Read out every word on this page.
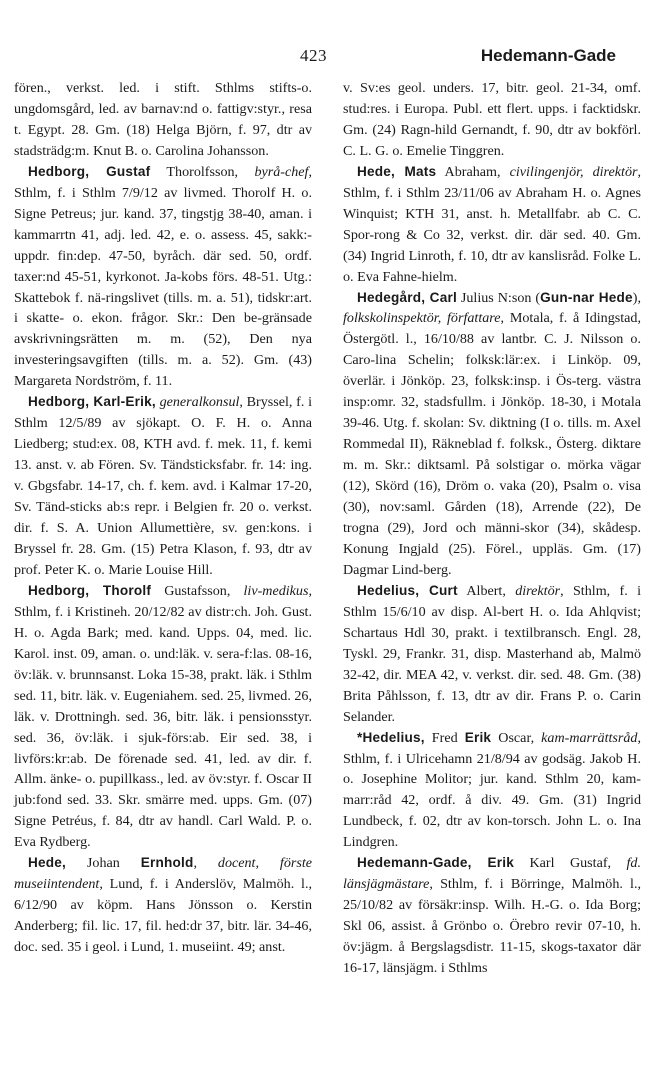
423	Hedemann-Gade

fören., verkst. led. i stift. Sthlms stifts-o. ungdomsgård, led. av barnav:nd o. fattigv:styr., resa t. Egypt. 28. Gm. (18) Helga Björn, f. 97, dtr av stadsträdg:m. Knut B. o. Carolina Johansson.

Hedborg, Gustaf Thorolfsson, byrå-chef, Sthlm, f. i Sthlm 7/9/12 av livmed. Thorolf H. o. Signe Petreus; jur. kand. 37, tingstjg 38-40, aman. i kammarrtn 41, adj. led. 42, e. o. assess. 45, sakk:-uppdr. fin:dep. 47-50, byråch. där sed. 50, ordf. taxer:nd 45-51, kyrkonot. Ja-kobs förs. 48-51. Utg.: Skattebok f. nä-ringslivet (tills. m. a. 51), tidskr:art. i skatte- o. ekon. frågor. Skr.: Den be-gränsade avskrivningsrätten m. m. (52), Den nya investeringsavgiften (tills. m. a. 52). Gm. (43) Margareta Nordström, f. 11.

Hedborg, Karl-Erik, generalkonsul, Bryssel, f. i Sthlm 12/5/89 av sjökapt. O. F. H. o. Anna Liedberg; stud:ex. 08, KTH avd. f. mek. 11, f. kemi 13. anst. v. ab Fören. Sv. Tändsticksfabr. fr. 14: ing. v. Gbgsfabr. 14-17, ch. f. kem. avd. i Kalmar 17-20, Sv. Tänd-sticks ab:s repr. i Belgien fr. 20 o. verkst. dir. f. S. A. Union Allumettière, sv. gen:kons. i Bryssel fr. 28. Gm. (15) Petra Klason, f. 93, dtr av prof. Peter K. o. Marie Louise Hill.

Hedborg, Thorolf Gustafsson, liv-medikus, Sthlm, f. i Kristineh. 20/12/82 av distr:ch. Joh. Gust. H. o. Agda Bark; med. kand. Upps. 04, med. lic. Karol. inst. 09, aman. o. und:läk. v. sera-f:las. 08-16, öv:läk. v. brunnsanst. Loka 15-38, prakt. läk. i Sthlm sed. 11, bitr. läk. v. Eugeniahem. sed. 25, livmed. 26, läk. v. Drottningh. sed. 36, bitr. läk. i pensionsstyr. sed. 36, öv:läk. i sjuk-förs:ab. Eir sed. 38, i livförs:kr:ab. De förenade sed. 41, led. av dir. f. Allm. änke- o. pupillkass., led. av öv:styr. f. Oscar II jub:fond sed. 33. Skr. smärre med. upps. Gm. (07) Signe Petréus, f. 84, dtr av handl. Carl Wald. P. o. Eva Rydberg.

Hede, Johan Ernhold, docent, förste museiintendent, Lund, f. i Anderslöv, Malmöh. l., 6/12/90 av köpm. Hans Jönsson o. Kerstin Anderberg; fil. lic. 17, fil. hed:dr 37, bitr. lär. 34-46, doc. sed. 35 i geol. i Lund, 1. museiint. 49; anst.

v. Sv:es geol. unders. 17, bitr. geol. 21-34, omf. stud:res. i Europa. Publ. ett flert. upps. i facktidskr. Gm. (24) Ragn-hild Gernandt, f. 90, dtr av bokförl. C. L. G. o. Emelie Tinggren.

Hede, Mats Abraham, civilingenjör, direktör, Sthlm, f. i Sthlm 23/11/06 av Abraham H. o. Agnes Winquist; KTH 31, anst. h. Metallfabr. ab C. C. Spor-rong & Co 32, verkst. dir. där sed. 40. Gm. (34) Ingrid Linroth, f. 10, dtr av kanslisråd. Folke L. o. Eva Fahne-hielm.

Hedegård, Carl Julius N:son (Gun-nar Hede), folkskolinspektör, författare, Motala, f. å Idingstad, Östergötl. l., 16/10/88 av lantbr. C. J. Nilsson o. Caro-lina Schelin; folksk:lär:ex. i Linköp. 09, överlär. i Jönköp. 23, folksk:insp. i Ös-terg. västra insp:omr. 32, stadsfullm. i Jönköp. 18-30, i Motala 39-46. Utg. f. skolan: Sv. diktning (I o. tills. m. Axel Rommedal II), Räkneblad f. folksk., Österg. diktare m. m. Skr.: diktsaml. På solstigar o. mörka vägar (12), Skörd (16), Dröm o. vaka (20), Psalm o. visa (30), nov:saml. Gården (18), Arrende (22), De trogna (29), Jord och männi-skor (34), skådesp. Konung Ingjald (25). Förel., uppläs. Gm. (17) Dagmar Lind-berg.

Hedelius, Curt Albert, direktör, Sthlm, f. i Sthlm 15/6/10 av disp. Al-bert H. o. Ida Ahlqvist; Schartaus Hdl 30, prakt. i textilbransch. Engl. 28, Tyskl. 29, Frankr. 31, disp. Masterhand ab, Malmö 32-42, dir. MEA 42, v. verkst. dir. sed. 48. Gm. (38) Brita Påhlsson, f. 13, dtr av dir. Frans P. o. Carin Selander.

*Hedelius, Fred Erik Oscar, kam-marrättsråd, Sthlm, f. i Ulricehamn 21/8/94 av godsäg. Jakob H. o. Josephine Molitor; jur. kand. Sthlm 20, kam-marr:råd 42, ordf. å div. 49. Gm. (31) Ingrid Lundbeck, f. 02, dtr av kon-torsch. John L. o. Ina Lindgren.

Hedemann-Gade, Erik Karl Gustaf, fd. länsjägmästare, Sthlm, f. i Börringe, Malmöh. l., 25/10/82 av försäkr:insp. Wilh. H.-G. o. Ida Borg; Skl 06, assist. å Grönbo o. Örebro revir 07-10, h. öv:jägm. å Bergslagsdistr. 11-15, skogs-taxator där 16-17, länsjägm. i Sthlms
